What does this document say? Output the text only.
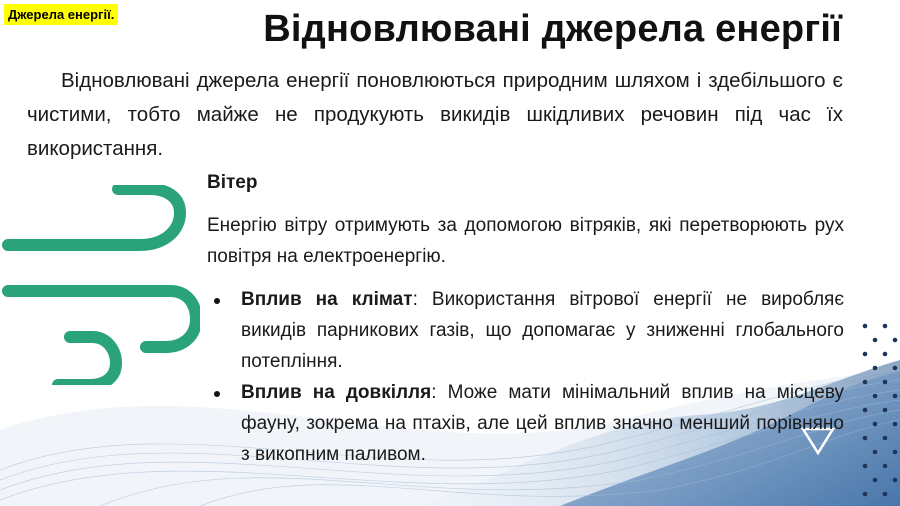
Джерела енергії.	Відновлювані джерела енергії

Відновлювані джерела енергії поновлюються природним шляхом і здебільшого є чистими, тобто майже не продукують викидів шкідливих речовин під час їх використання.

Вітер

Енергію вітру отримують за допомогою вітряків, які перетворюють рух повітря на електроенергію.

Вплив на клімат: Використання вітрової енергії не виробляє викидів парникових газів, що допомагає у зниженні глобального потепління.
Вплив на довкілля: Може мати мінімальний вплив на місцеву фауну, зокрема на птахів, але цей вплив значно менший порівняно з викопним паливом.
